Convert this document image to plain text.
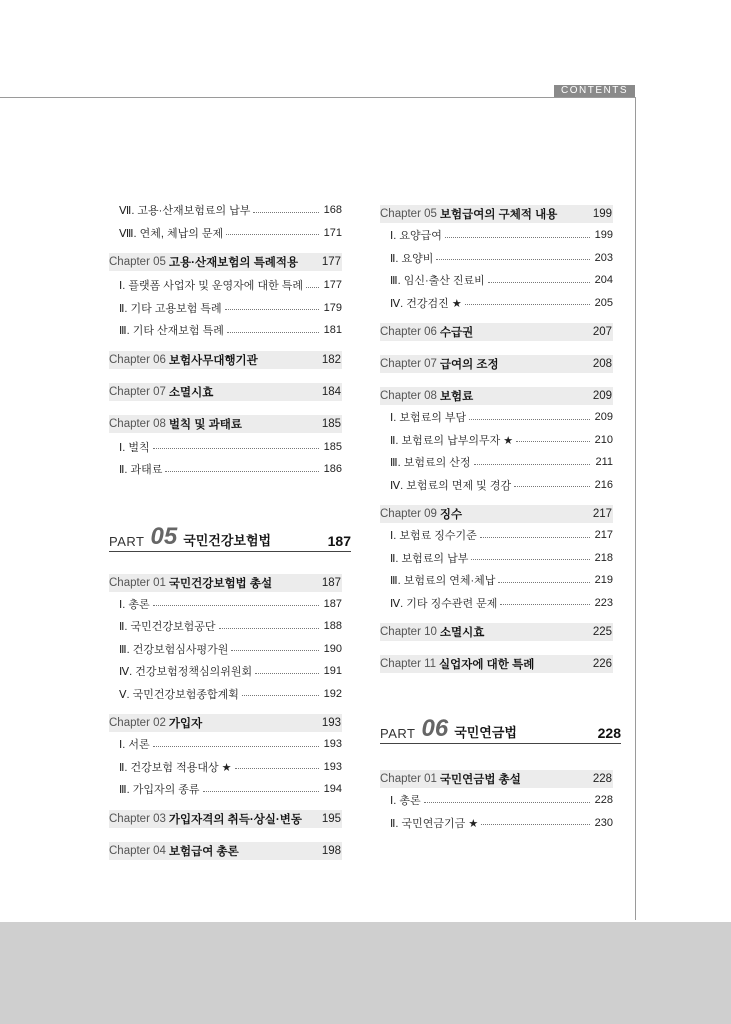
CONTENTS
Ⅶ. 고용·산재보험료의 납부	168
Ⅷ. 연체, 체납의 문제	171
Chapter 05 고용·산재보험의 특례적용	177
Ⅰ. 플랫폼 사업자 및 운영자에 대한 특례 177
Ⅱ. 기타 고용보험 특례	179
Ⅲ. 기타 산재보험 특례	181
Chapter 06 보험사무대행기관	182
Chapter 07 소멸시효	184
Chapter 08 벌칙 및 과태료	185
Ⅰ. 벌칙	185
Ⅱ. 과태료	186
PART 05 국민건강보험법	187
Chapter 01 국민건강보험법 총설	187
Ⅰ. 총론	187
Ⅱ. 국민건강보험공단	188
Ⅲ. 건강보험심사평가원	190
Ⅳ. 건강보험정책심의위원회	191
Ⅴ. 국민건강보험종합계획	192
Chapter 02 가입자	193
Ⅰ. 서론	193
Ⅱ. 건강보험 적용대상 ★	193
Ⅲ. 가입자의 종류	194
Chapter 03 가입자격의 취득·상실·변동	195
Chapter 04 보험급여 총론	198
Chapter 05 보험급여의 구체적 내용	199
Ⅰ. 요양급여	199
Ⅱ. 요양비	203
Ⅲ. 임신·출산 진료비	204
Ⅳ. 건강검진 ★	205
Chapter 06 수급권	207
Chapter 07 급여의 조정	208
Chapter 08 보험료	209
Ⅰ. 보험료의 부담	209
Ⅱ. 보험료의 납부의무자 ★	210
Ⅲ. 보험료의 산정	211
Ⅳ. 보험료의 면제 및 경감	216
Chapter 09 징수	217
Ⅰ. 보험료 징수기준	217
Ⅱ. 보험료의 납부	218
Ⅲ. 보험료의 연체·체납	219
Ⅳ. 기타 징수관련 문제	223
Chapter 10 소멸시효	225
Chapter 11 실업자에 대한 특례	226
PART 06 국민연금법	228
Chapter 01 국민연금법 총설	228
Ⅰ. 총론	228
Ⅱ. 국민연금기금 ★	230
